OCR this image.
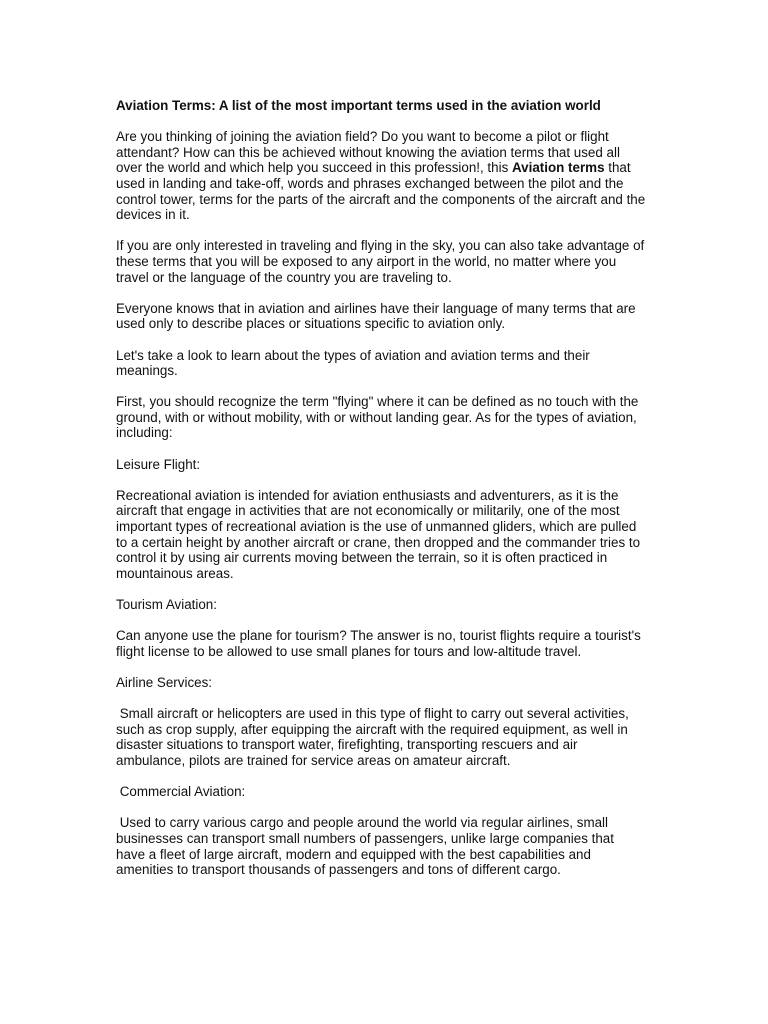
Aviation Terms: A list of the most important terms used in the aviation world

Are you thinking of joining the aviation field? Do you want to become a pilot or flight attendant? How can this be achieved without knowing the aviation terms that used all over the world and which help you succeed in this profession!, this Aviation terms that used in landing and take-off, words and phrases exchanged between the pilot and the control tower, terms for the parts of the aircraft and the components of the aircraft and the devices in it.

If you are only interested in traveling and flying in the sky, you can also take advantage of these terms that you will be exposed to any airport in the world, no matter where you travel or the language of the country you are traveling to.

Everyone knows that in aviation and airlines have their language of many terms that are used only to describe places or situations specific to aviation only.

Let's take a look to learn about the types of aviation and aviation terms and their meanings.

First, you should recognize the term "flying" where it can be defined as no touch with the ground, with or without mobility, with or without landing gear. As for the types of aviation, including:

Leisure Flight:

Recreational aviation is intended for aviation enthusiasts and adventurers, as it is the aircraft that engage in activities that are not economically or militarily, one of the most important types of recreational aviation is the use of unmanned gliders, which are pulled to a certain height by another aircraft or crane, then dropped and the commander tries to control it by using air currents moving between the terrain, so it is often practiced in mountainous areas.

Tourism Aviation:

Can anyone use the plane for tourism? The answer is no, tourist flights require a tourist's flight license to be allowed to use small planes for tours and low-altitude travel.

Airline Services:

Small aircraft or helicopters are used in this type of flight to carry out several activities, such as crop supply, after equipping the aircraft with the required equipment, as well in disaster situations to transport water, firefighting, transporting rescuers and air ambulance, pilots are trained for service areas on amateur aircraft.

Commercial Aviation:

Used to carry various cargo and people around the world via regular airlines, small businesses can transport small numbers of passengers, unlike large companies that have a fleet of large aircraft, modern and equipped with the best capabilities and amenities to transport thousands of passengers and tons of different cargo.
